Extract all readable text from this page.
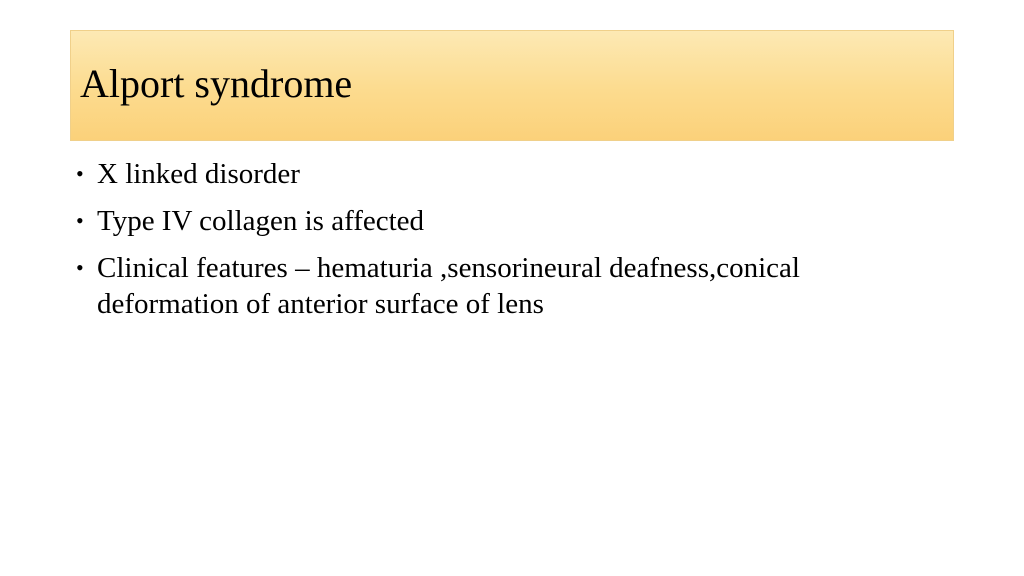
Alport syndrome
• X linked disorder
• Type IV collagen is affected
• Clinical features – hematuria ,sensorineural deafness,conical deformation of anterior surface of lens
